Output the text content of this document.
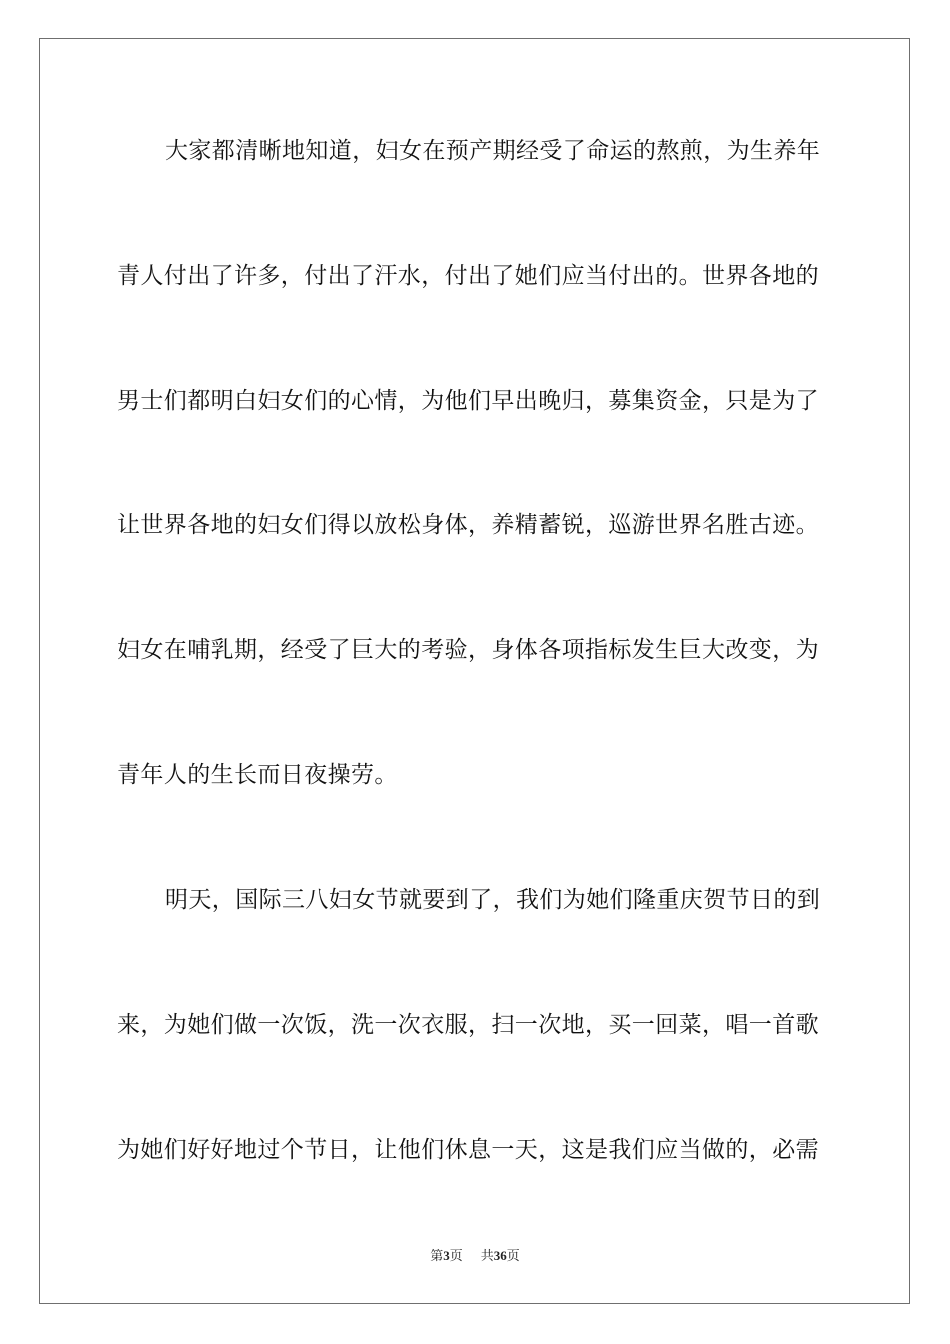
大家都清晰地知道，妇女在预产期经受了命运的熬煎，为生养年
青人付出了许多，付出了汗水，付出了她们应当付出的。世界各地的
男士们都明白妇女们的心情，为他们早出晚归，募集资金，只是为了
让世界各地的妇女们得以放松身体，养精蓄锐，巡游世界名胜古迹。
妇女在哺乳期，经受了巨大的考验，身体各项指标发生巨大改变，为
青年人的生长而日夜操劳。
明天，国际三八妇女节就要到了，我们为她们隆重庆贺节日的到
来，为她们做一次饭，洗一次衣服，扫一次地，买一回菜，唱一首歌
为她们好好地过个节日，让他们休息一天，这是我们应当做的，必需
第3页 共36页
